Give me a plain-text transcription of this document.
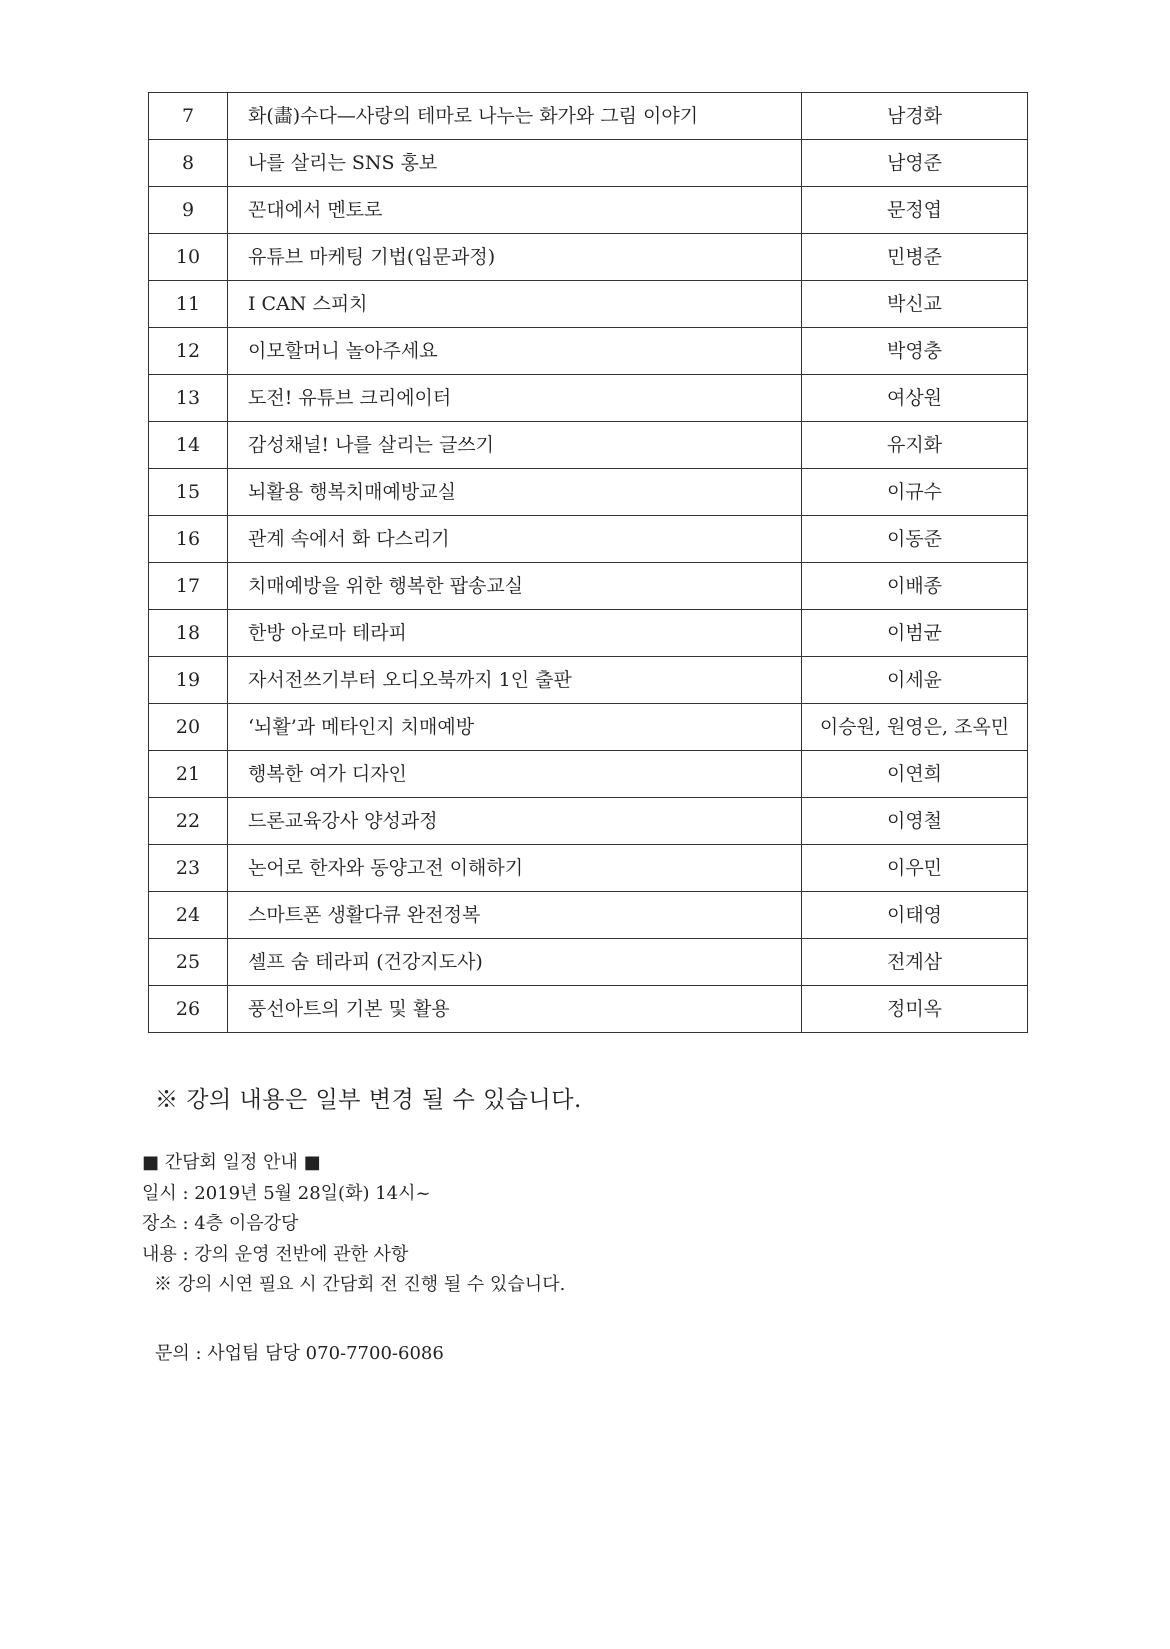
7	화(畵)수다—사랑의 테마로 나누는 화가와 그림 이야기	남경화
8	나를 살리는 SNS 홍보	남영준
9	꼰대에서 멘토로	문정엽
10	유튜브 마케팅 기법(입문과정)	민병준
11	I CAN 스피치	박신교
12	이모할머니 놀아주세요	박영충
13	도전! 유튜브 크리에이터	여상원
14	감성채널! 나를 살리는 글쓰기	유지화
15	뇌활용 행복치매예방교실	이규수
16	관계 속에서 화 다스리기	이동준
17	치매예방을 위한 행복한 팝송교실	이배종
18	한방 아로마 테라피	이범균
19	자서전쓰기부터 오디오북까지 1인 출판	이세윤
20	‘뇌활’과 메타인지 치매예방	이승원, 원영은, 조옥민
21	행복한 여가 디자인	이연희
22	드론교육강사 양성과정	이영철
23	논어로 한자와 동양고전 이해하기	이우민
24	스마트폰 생활다큐 완전정복	이태영
25	셀프 숨 테라피 (건강지도사)	전계삼
26	풍선아트의 기본 및 활용	정미옥
※ 강의 내용은 일부 변경 될 수 있습니다.
■ 간담회 일정 안내 ■
일시 : 2019년 5월 28일(화) 14시~
장소 : 4층 이음강당
내용 : 강의 운영 전반에 관한 사항
※ 강의 시연 필요 시 간담회 전 진행 될 수 있습니다.
문의 : 사업팀 담당 070-7700-6086
